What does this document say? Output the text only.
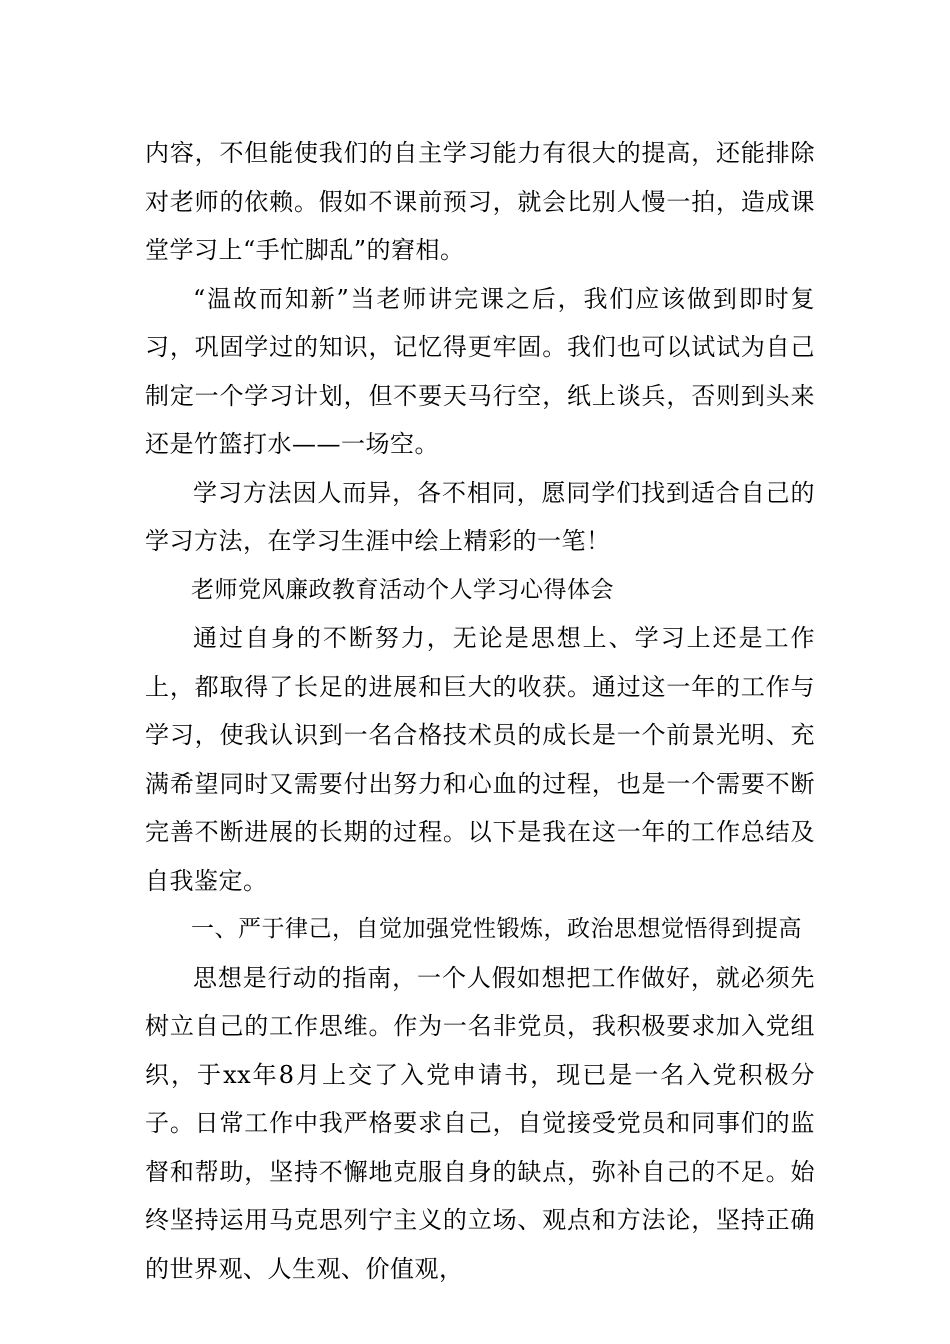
内容，不但能使我们的自主学习能力有很大的提高，还能排除对老师的依赖。假如不课前预习，就会比别人慢一拍，造成课堂学习上“手忙脚乱”的窘相。

“温故而知新”当老师讲完课之后，我们应该做到即时复习，巩固学过的知识，记忆得更牢固。我们也可以试试为自己制定一个学习计划，但不要天马行空，纸上谈兵，否则到头来还是竹篮打水——一场空。

学习方法因人而异，各不相同，愿同学们找到适合自己的学习方法，在学习生涯中绘上精彩的一笔！

老师党风廉政教育活动个人学习心得体会

通过自身的不断努力，无论是思想上、学习上还是工作上，都取得了长足的进展和巨大的收获。通过这一年的工作与学习，使我认识到一名合格技术员的成长是一个前景光明、充满希望同时又需要付出努力和心血的过程，也是一个需要不断完善不断进展的长期的过程。以下是我在这一年的工作总结及自我鉴定。

一、严于律己，自觉加强党性锻炼，政治思想觉悟得到提高

思想是行动的指南，一个人假如想把工作做好，就必须先树立自己的工作思维。作为一名非党员，我积极要求加入党组织，于xx年8月上交了入党申请书，现已是一名入党积极分子。日常工作中我严格要求自己，自觉接受党员和同事们的监督和帮助，坚持不懈地克服自身的缺点，弥补自己的不足。始终坚持运用马克思列宁主义的立场、观点和方法论，坚持正确的世界观、人生观、价值观，
